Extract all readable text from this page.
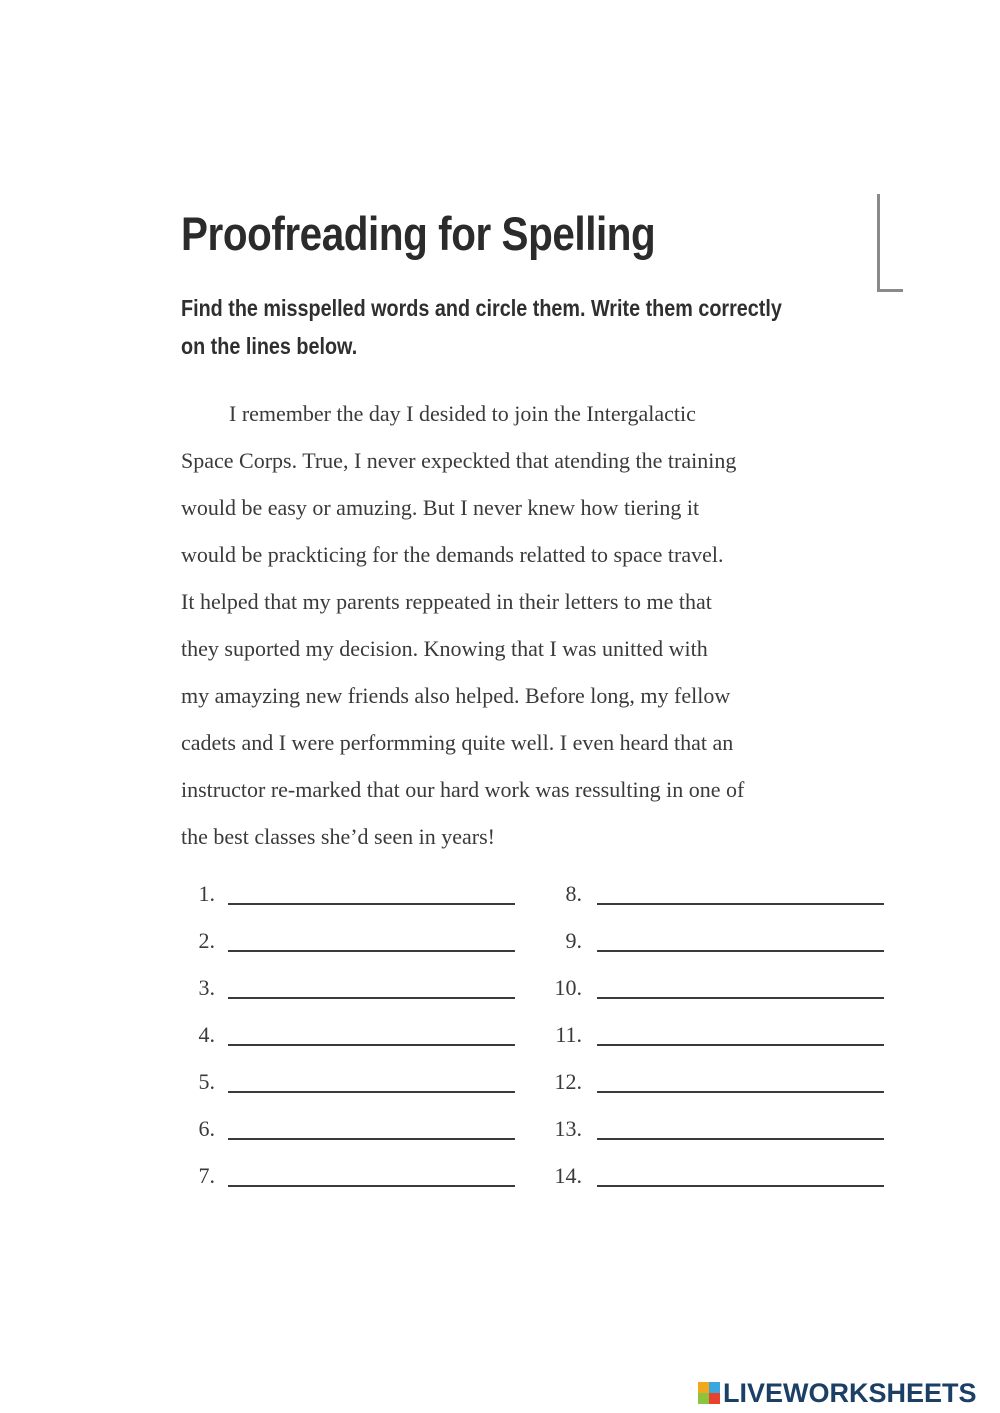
Proofreading for Spelling

Find the misspelled words and circle them. Write them correctly
on the lines below.

I remember the day I desided to join the Intergalactic
Space Corps. True, I never expeckted that atending the training
would be easy or amuzing. But I never knew how tiering it
would be prackticing for the demands relatted to space travel.
It helped that my parents reppeated in their letters to me that
they suported my decision. Knowing that I was unitted with
my amayzing new friends also helped. Before long, my fellow
cadets and I were performming quite well. I even heard that an
instructor re-marked that our hard work was ressulting in one of
the best classes she’d seen in years!
1.
2.
3.
4.
5.
6.
7.
8.
9.
10.
11.
12.
13.
14.
LIVEWORKSHEETS
